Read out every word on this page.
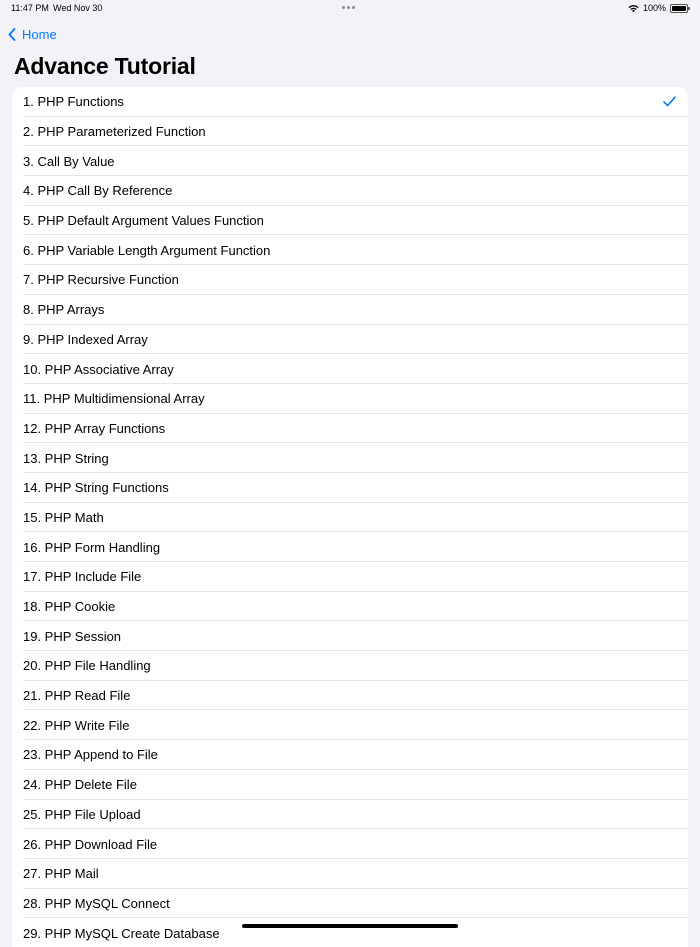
11:47 PM Wed Nov 30	100%
Home
Advance Tutorial
1. PHP Functions
2. PHP Parameterized Function
3. Call By Value
4. PHP Call By Reference
5. PHP Default Argument Values Function
6. PHP Variable Length Argument Function
7. PHP Recursive Function
8. PHP Arrays
9. PHP Indexed Array
10. PHP Associative Array
11. PHP Multidimensional Array
12. PHP Array Functions
13. PHP String
14. PHP String Functions
15. PHP Math
16. PHP Form Handling
17. PHP Include File
18. PHP Cookie
19. PHP Session
20. PHP File Handling
21. PHP Read File
22. PHP Write File
23. PHP Append to File
24. PHP Delete File
25. PHP File Upload
26. PHP Download File
27. PHP Mail
28. PHP MySQL Connect
29. PHP MySQL Create Database
